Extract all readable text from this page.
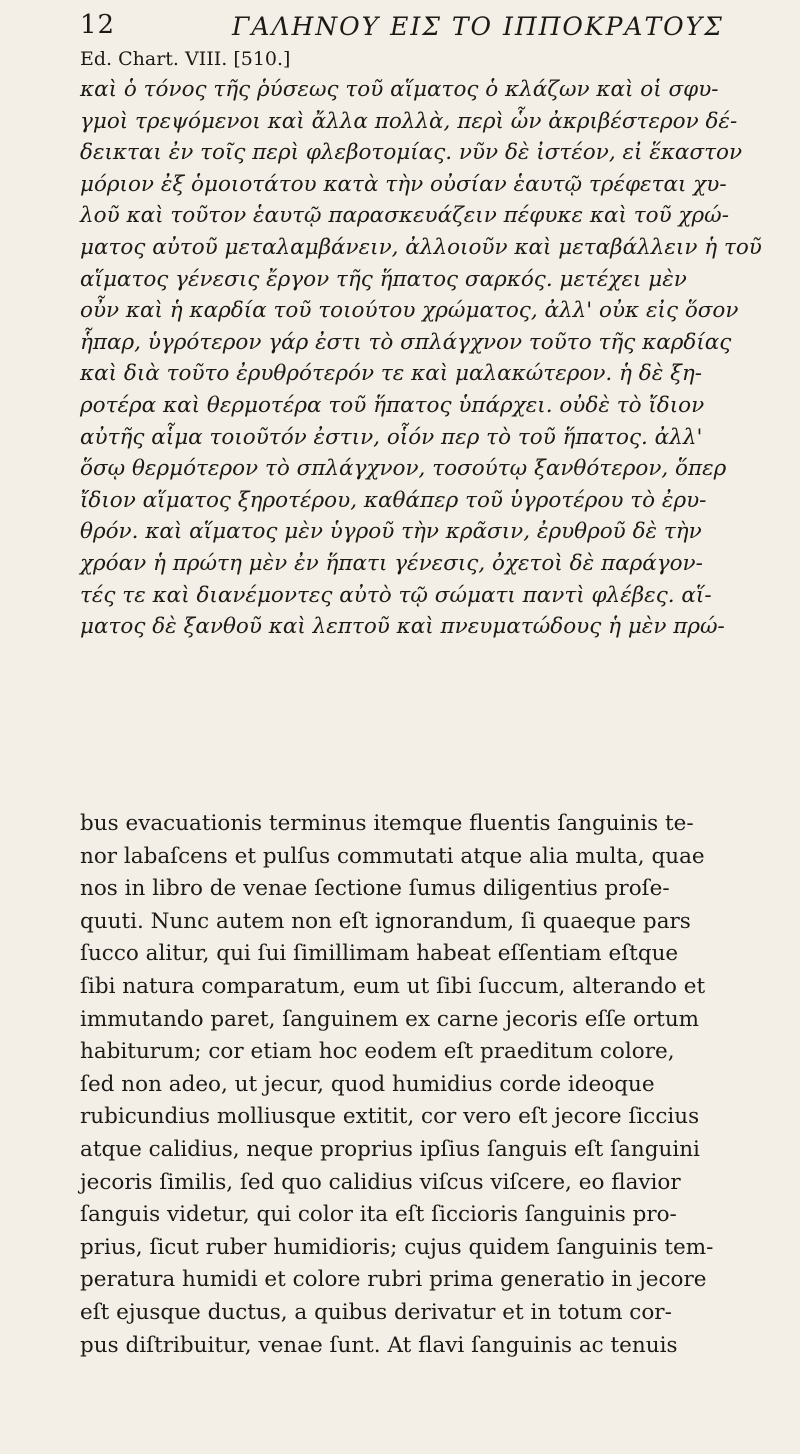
12	ΓΑΛΗΝΟΥ ΕΙΣ ΤΟ ΙΠΠΟΚΡΑΤΟΥΣ
Ed. Chart. VIII. [510.]
καὶ ὁ τόνος τῆς ῥύσεως τοῦ αἵματος ὁ κλάζων καὶ οἱ σφυ-
γμοὶ τρεψόμενοι καὶ ἄλλα πολλὰ, περὶ ὧν ἀκριβέστερον δέ-
δεικται ἐν τοῖς περὶ φλεβοτομίας. νῦν δὲ ἰστέον, εἰ ἕκαστον
μόριον ἐξ ὁμοιοτάτου κατὰ τὴν οὐσίαν ἑαυτῷ τρέφεται χυ-
λοῦ καὶ τοῦτον ἑαυτῷ παρασκευάζειν πέφυκε καὶ τοῦ χρώ-
ματος αὐτοῦ μεταλαμβάνειν, ἀλλοιοῦν καὶ μεταβάλλειν ἡ τοῦ
αἵματος γένεσις ἔργον τῆς ἥπατος σαρκός. μετέχει μὲν
οὖν καὶ ἡ καρδία τοῦ τοιούτου χρώματος, ἀλλ' οὐκ εἰς ὅσον
ἧπαρ, ὑγρότερον γάρ ἐστι τὸ σπλάγχνον τοῦτο τῆς καρδίας
καὶ διὰ τοῦτο ἐρυθρότερόν τε καὶ μαλακώτερον. ἡ δὲ ξη-
ροτέρα καὶ θερμοτέρα τοῦ ἥπατος ὑπάρχει. οὐδὲ τὸ ἴδιον
αὐτῆς αἷμα τοιοῦτόν ἐστιν, οἷόν περ τὸ τοῦ ἥπατος. ἀλλ'
ὅσῳ θερμότερον τὸ σπλάγχνον, τοσούτῳ ξανθότερον, ὅπερ
ἴδιον αἵματος ξηροτέρου, καθάπερ τοῦ ὑγροτέρου τὸ ἐρυ-
θρόν. καὶ αἵματος μὲν ὑγροῦ τὴν κρᾶσιν, ἐρυθροῦ δὲ τὴν
χρόαν ἡ πρώτη μὲν ἐν ἥπατι γένεσις, ὀχετοὶ δὲ παράγον-
τές τε καὶ διανέμοντες αὐτὸ τῷ σώματι παντὶ φλέβες. αἵ-
ματος δὲ ξανθοῦ καὶ λεπτοῦ καὶ πνευματώδους ἡ μὲν πρώ-
bus evacuationis terminus itemque fluentis ſanguinis te-
nor labaſcens et pulſus commutati atque alia multa, quae
nos in libro de venae ſectione ſumus diligentius proſe-
quuti. Nunc autem non eſt ignorandum, ſi quaeque pars
ſucco alitur, qui ſui ſimillimam habeat eſſentiam eſtque
ſibi natura comparatum, eum ut ſibi ſuccum, alterando et
immutando paret, ſanguinem ex carne jecoris eſſe ortum
habiturum; cor etiam hoc eodem eſt praeditum colore,
ſed non adeo, ut jecur, quod humidius corde ideoque
rubicundius molliusque extitit, cor vero eſt jecore ſiccius
atque calidius, neque proprius ipſius ſanguis eſt ſanguini
jecoris ſimilis, ſed quo calidius viſcus viſcere, eo flavior
ſanguis videtur, qui color ita eſt ſiccioris ſanguinis pro-
prius, ſicut ruber humidioris; cujus quidem ſanguinis tem-
peratura humidi et colore rubri prima generatio in jecore
eſt ejusque ductus, a quibus derivatur et in totum cor-
pus diſtribuitur, venae ſunt. At flavi ſanguinis ac tenuis
